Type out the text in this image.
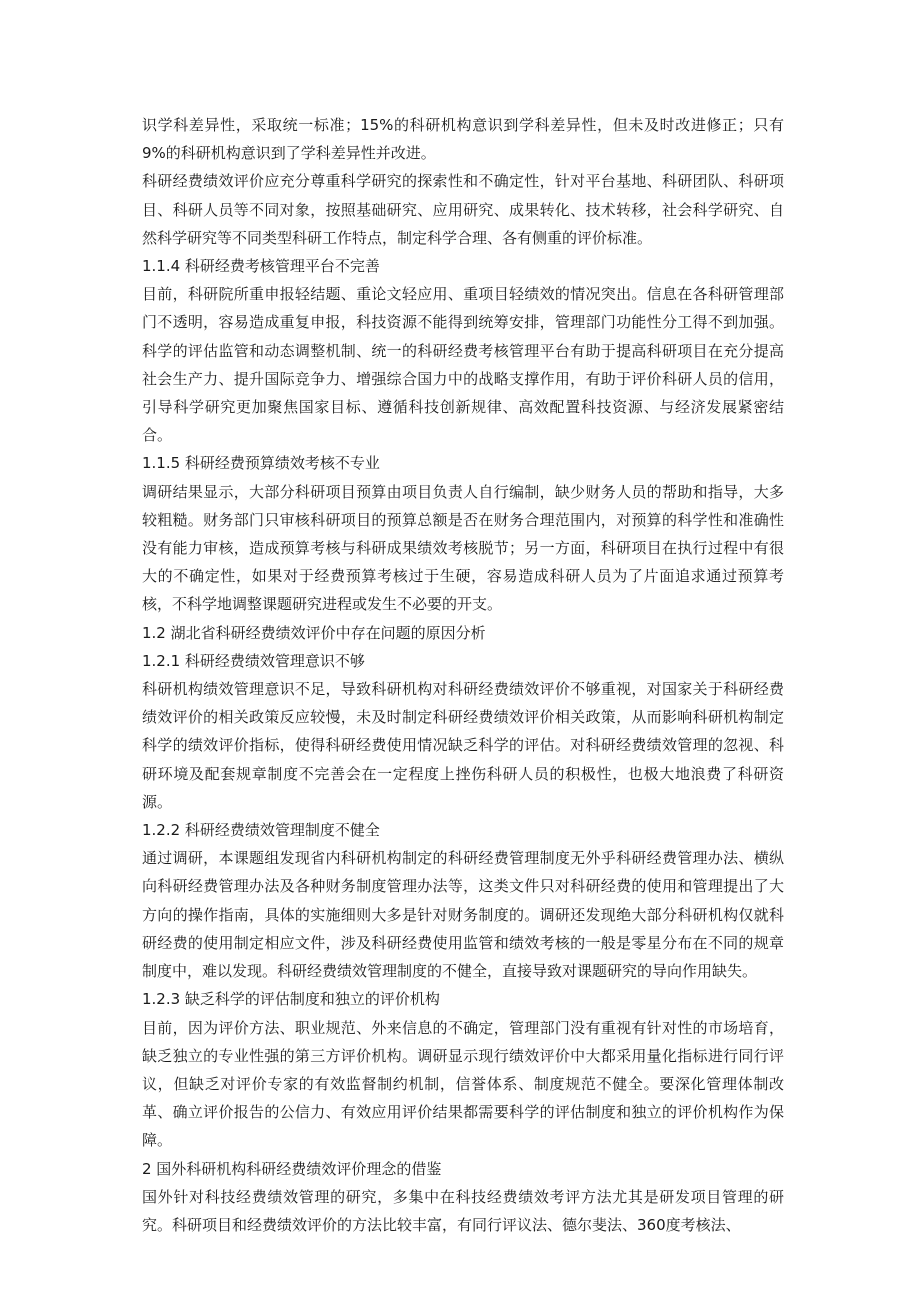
识学科差异性，采取统一标准；15%的科研机构意识到学科差异性，但未及时改进修正；只有9%的科研机构意识到了学科差异性并改进。

科研经费绩效评价应充分尊重科学研究的探索性和不确定性，针对平台基地、科研团队、科研项目、科研人员等不同对象，按照基础研究、应用研究、成果转化、技术转移，社会科学研究、自然科学研究等不同类型科研工作特点，制定科学合理、各有侧重的评价标准。

1.1.4 科研经费考核管理平台不完善

目前，科研院所重申报轻结题、重论文轻应用、重项目轻绩效的情况突出。信息在各科研管理部门不透明，容易造成重复申报，科技资源不能得到统筹安排，管理部门功能性分工得不到加强。科学的评估监管和动态调整机制、统一的科研经费考核管理平台有助于提高科研项目在充分提高社会生产力、提升国际竞争力、增强综合国力中的战略支撑作用，有助于评价科研人员的信用，引导科学研究更加聚焦国家目标、遵循科技创新规律、高效配置科技资源、与经济发展紧密结合。

1.1.5 科研经费预算绩效考核不专业

调研结果显示，大部分科研项目预算由项目负责人自行编制，缺少财务人员的帮助和指导，大多较粗糙。财务部门只审核科研项目的预算总额是否在财务合理范围内，对预算的科学性和准确性没有能力审核，造成预算考核与科研成果绩效考核脱节；另一方面，科研项目在执行过程中有很大的不确定性，如果对于经费预算考核过于生硬，容易造成科研人员为了片面追求通过预算考核，不科学地调整课题研究进程或发生不必要的开支。

1.2 湖北省科研经费绩效评价中存在问题的原因分析
1.2.1 科研经费绩效管理意识不够

科研机构绩效管理意识不足，导致科研机构对科研经费绩效评价不够重视，对国家关于科研经费绩效评价的相关政策反应较慢，未及时制定科研经费绩效评价相关政策，从而影响科研机构制定科学的绩效评价指标，使得科研经费使用情况缺乏科学的评估。对科研经费绩效管理的忽视、科研环境及配套规章制度不完善会在一定程度上挫伤科研人员的积极性，也极大地浪费了科研资源。

1.2.2 科研经费绩效管理制度不健全

通过调研，本课题组发现省内科研机构制定的科研经费管理制度无外乎科研经费管理办法、横纵向科研经费管理办法及各种财务制度管理办法等，这类文件只对科研经费的使用和管理提出了大方向的操作指南，具体的实施细则大多是针对财务制度的。调研还发现绝大部分科研机构仅就科研经费的使用制定相应文件，涉及科研经费使用监管和绩效考核的一般是零星分布在不同的规章制度中，难以发现。科研经费绩效管理制度的不健全，直接导致对课题研究的导向作用缺失。

1.2.3 缺乏科学的评估制度和独立的评价机构

目前，因为评价方法、职业规范、外来信息的不确定，管理部门没有重视有针对性的市场培育，缺乏独立的专业性强的第三方评价机构。调研显示现行绩效评价中大都采用量化指标进行同行评议，但缺乏对评价专家的有效监督制约机制，信誉体系、制度规范不健全。要深化管理体制改革、确立评价报告的公信力、有效应用评价结果都需要科学的评估制度和独立的评价机构作为保障。

2 国外科研机构科研经费绩效评价理念的借鉴

国外针对科技经费绩效管理的研究，多集中在科技经费绩效考评方法尤其是研发项目管理的研究。科研项目和经费绩效评价的方法比较丰富，有同行评议法、德尔斐法、360度考核法、
